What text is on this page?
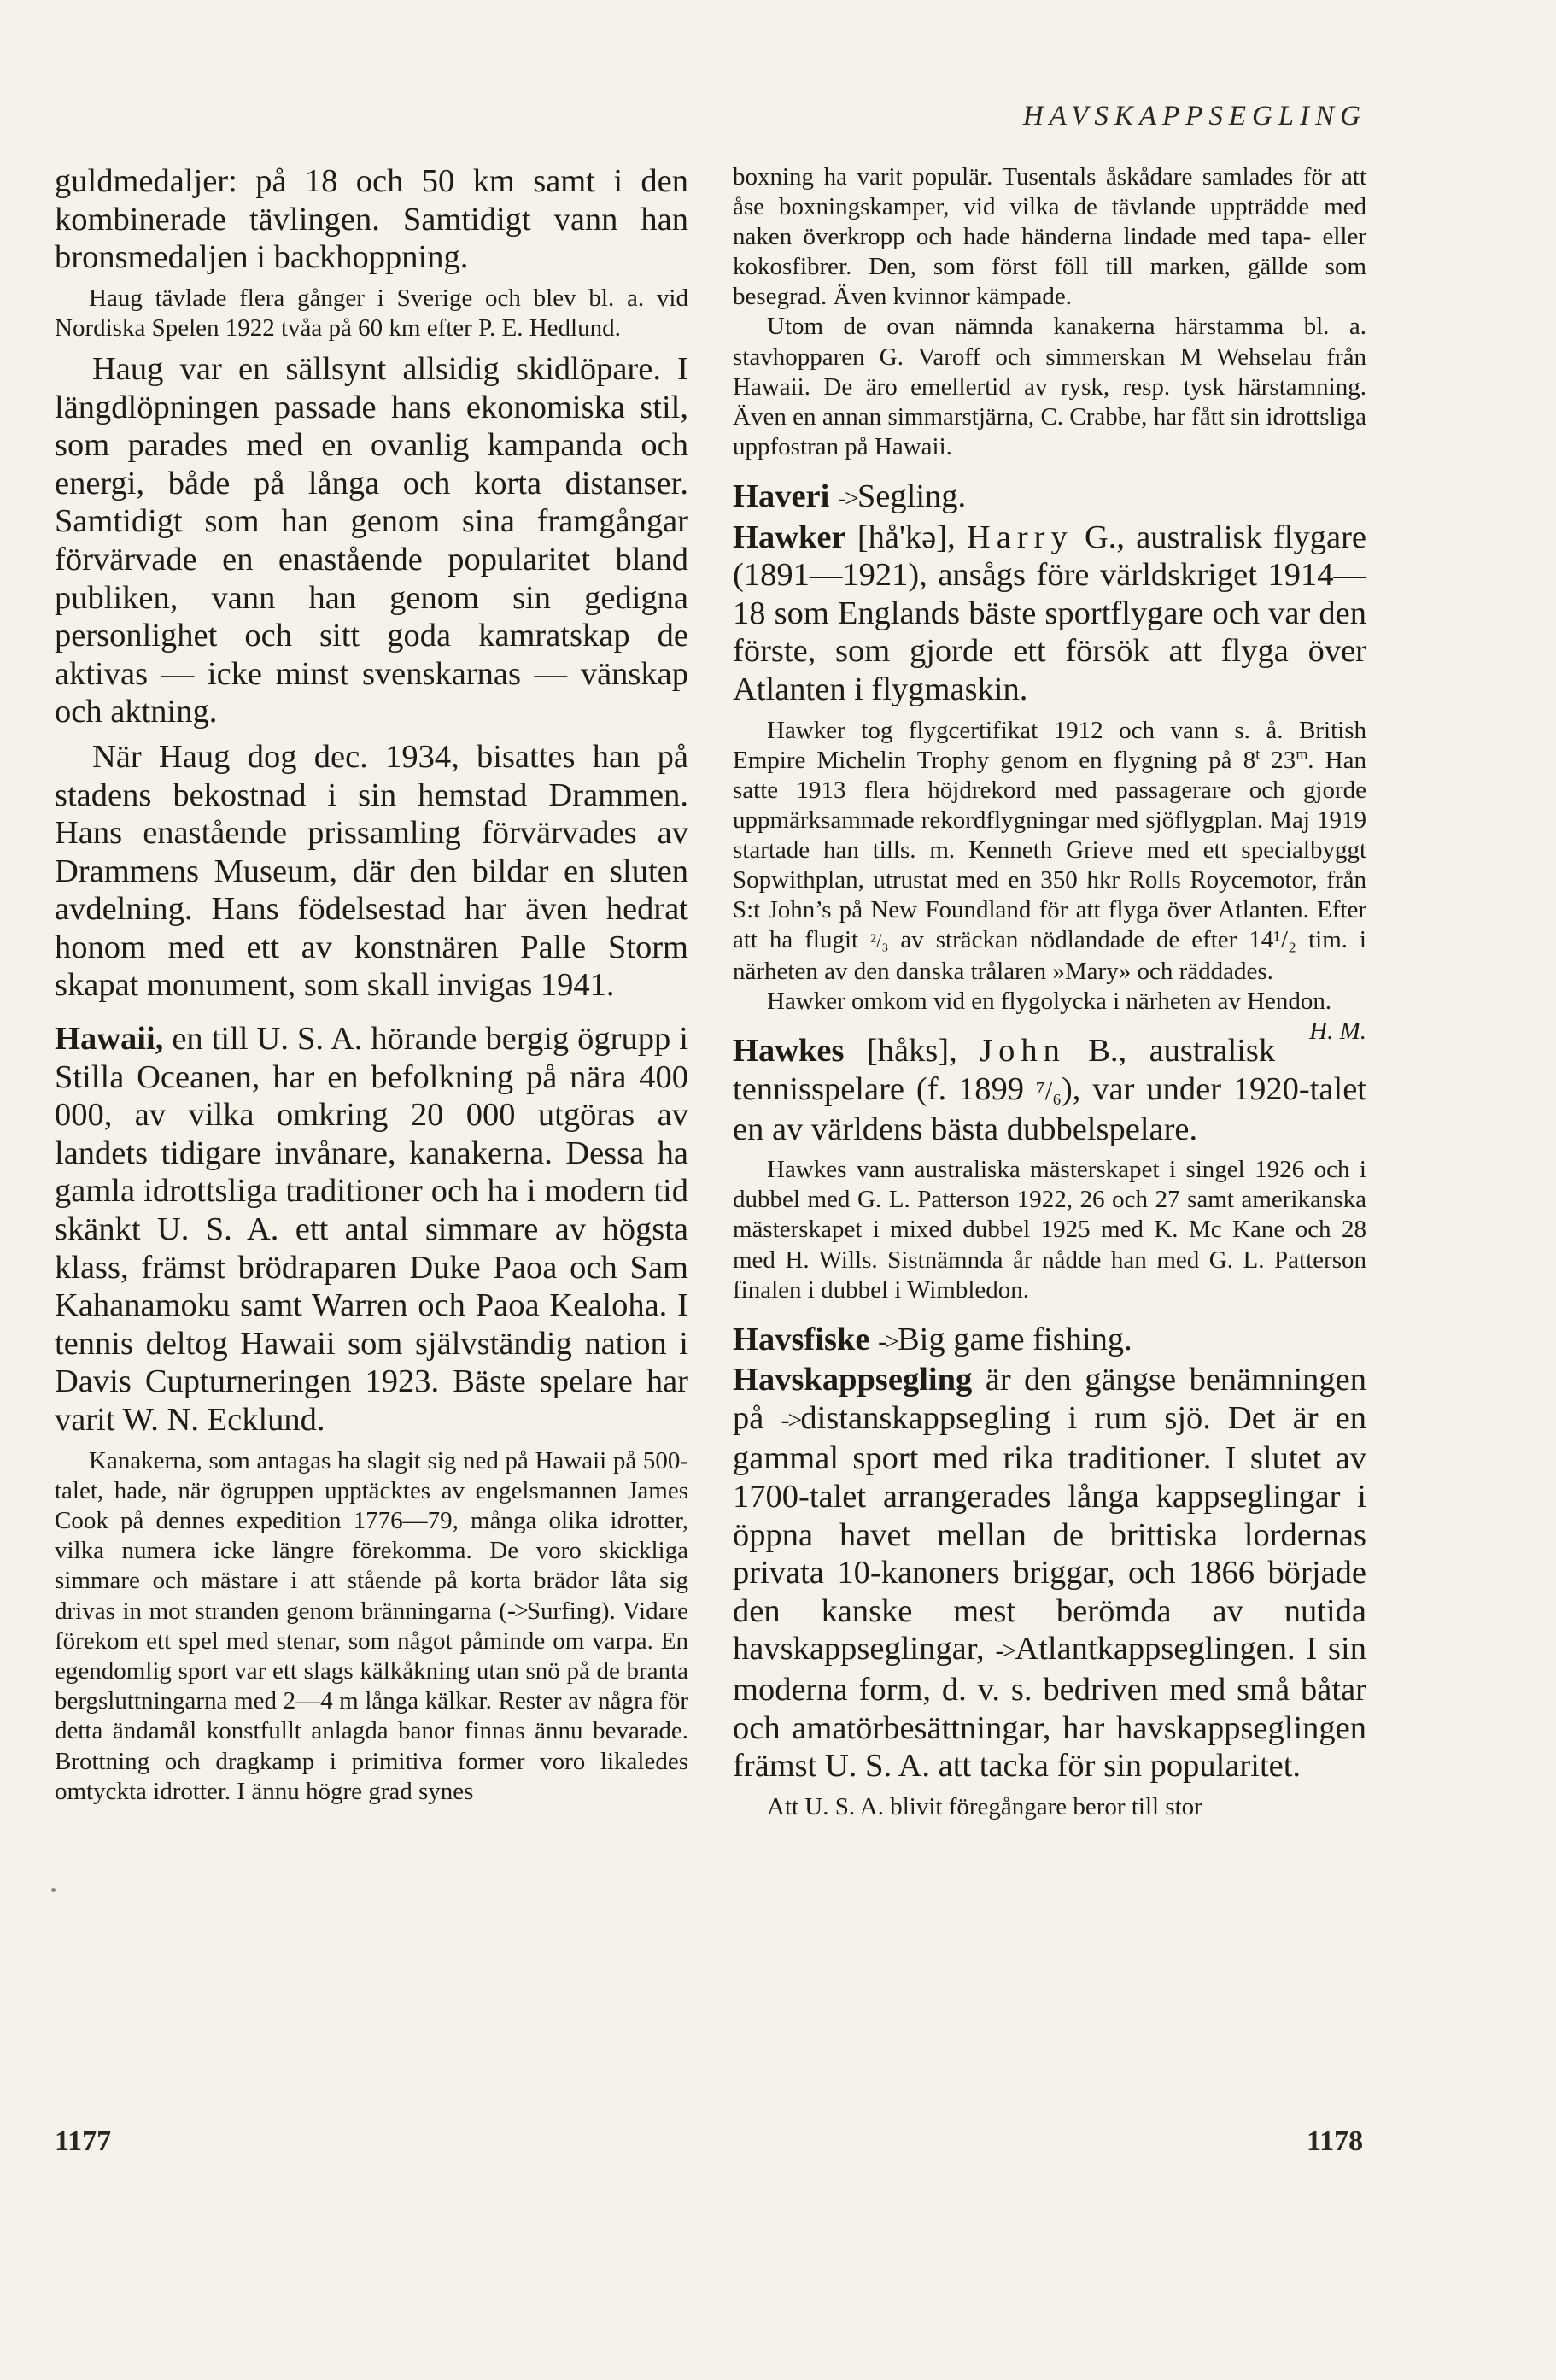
HAVSKAPPSEGLING

guldmedaljer: på 18 och 50 km samt i den kombinerade tävlingen. Samtidigt vann han bronsmedaljen i backhoppning.

Haug tävlade flera gånger i Sverige och blev bl. a. vid Nordiska Spelen 1922 tvåa på 60 km efter P. E. Hedlund.

Haug var en sällsynt allsidig skidlöpare. I längdlöpningen passade hans ekonomiska stil, som parades med en ovanlig kampanda och energi, både på långa och korta distanser. Samtidigt som han genom sina framgångar förvärvade en enastående popularitet bland publiken, vann han genom sin gedigna personlighet och sitt goda kamratskap de aktivas — icke minst svenskarnas — vänskap och aktning.

När Haug dog dec. 1934, bisattes han på stadens bekostnad i sin hemstad Drammen. Hans enastående prissamling förvärvades av Drammens Museum, där den bildar en sluten avdelning. Hans födelsestad har även hedrat honom med ett av konstnären Palle Storm skapat monument, som skall invigas 1941.

Hawaii, en till U. S. A. hörande bergig ögrupp i Stilla Oceanen, har en befolkning på nära 400 000, av vilka omkring 20 000 utgöras av landets tidigare invånare, kanakerna. Dessa ha gamla idrottsliga traditioner och ha i modern tid skänkt U. S. A. ett antal simmare av högsta klass, främst brödraparen Duke Paoa och Sam Kahanamoku samt Warren och Paoa Kealoha. I tennis deltog Hawaii som självständig nation i Davis Cupturneringen 1923. Bäste spelare har varit W. N. Ecklund.

Kanakerna, som antagas ha slagit sig ned på Hawaii på 500-talet, hade, när ögruppen upptäcktes av engelsmannen James Cook på dennes expedition 1776—79, många olika idrotter, vilka numera icke längre förekomma. De voro skickliga simmare och mästare i att stående på korta brädor låta sig drivas in mot stranden genom bränningarna (->Surfing). Vidare förekom ett spel med stenar, som något påminde om varpa. En egendomlig sport var ett slags kälkåkning utan snö på de branta bergsluttningarna med 2—4 m långa kälkar. Rester av några för detta ändamål konstfullt anlagda banor finnas ännu bevarade. Brottning och dragkamp i primitiva former voro likaledes omtyckta idrotter. I ännu högre grad synes

boxning ha varit populär. Tusentals åskådare samlades för att åse boxningskamper, vid vilka de tävlande uppträdde med naken överkropp och hade händerna lindade med tapa- eller kokosfibrer. Den, som först föll till marken, gällde som besegrad. Även kvinnor kämpade.

Utom de ovan nämnda kanakerna härstamma bl. a. stavhopparen G. Varoff och simmerskan M Wehselau från Hawaii. De äro emellertid av rysk, resp. tysk härstamning. Även en annan simmarstjärna, C. Crabbe, har fått sin idrottsliga uppfostran på Hawaii.

Haveri ->Segling.

Hawker [hå'kə], Harry G., australisk flygare (1891—1921), ansågs före världskriget 1914—18 som Englands bäste sportflygare och var den förste, som gjorde ett försök att flyga över Atlanten i flygmaskin.

Hawker tog flygcertifikat 1912 och vann s. å. British Empire Michelin Trophy genom en flygning på 8$^t$ 23$^m$. Han satte 1913 flera höjdrekord med passagerare och gjorde uppmärksammade rekordflygningar med sjöflygplan. Maj 1919 startade han tills. m. Kenneth Grieve med ett specialbyggt Sopwithplan, utrustat med en 350 hkr Rolls Roycemotor, från S:t John’s på New Foundland för att flyga över Atlanten. Efter att ha flugit ²/₃ av sträckan nödlandade de efter 14¹/₂ tim. i närheten av den danska trålaren »Mary» och räddades.

Hawker omkom vid en flygolycka i närheten av Hendon.
H. M.

Hawkes [håks], John B., australisk tennisspelare (f. 1899 ⁷/₆), var under 1920-talet en av världens bästa dubbelspelare.

Hawkes vann australiska mästerskapet i singel 1926 och i dubbel med G. L. Patterson 1922, 26 och 27 samt amerikanska mästerskapet i mixed dubbel 1925 med K. Mc Kane och 28 med H. Wills. Sistnämnda år nådde han med G. L. Patterson finalen i dubbel i Wimbledon.

Havsfiske ->Big game fishing.

Havskappsegling är den gängse benämningen på ->distanskappsegling i rum sjö. Det är en gammal sport med rika traditioner. I slutet av 1700-talet arrangerades långa kappseglingar i öppna havet mellan de brittiska lordernas privata 10-kanoners briggar, och 1866 började den kanske mest berömda av nutida havskappseglingar, ->Atlantkappseglingen. I sin moderna form, d. v. s. bedriven med små båtar och amatörbesättningar, har havskappseglingen främst U. S. A. att tacka för sin popularitet.

Att U. S. A. blivit föregångare beror till stor

1177	1178
